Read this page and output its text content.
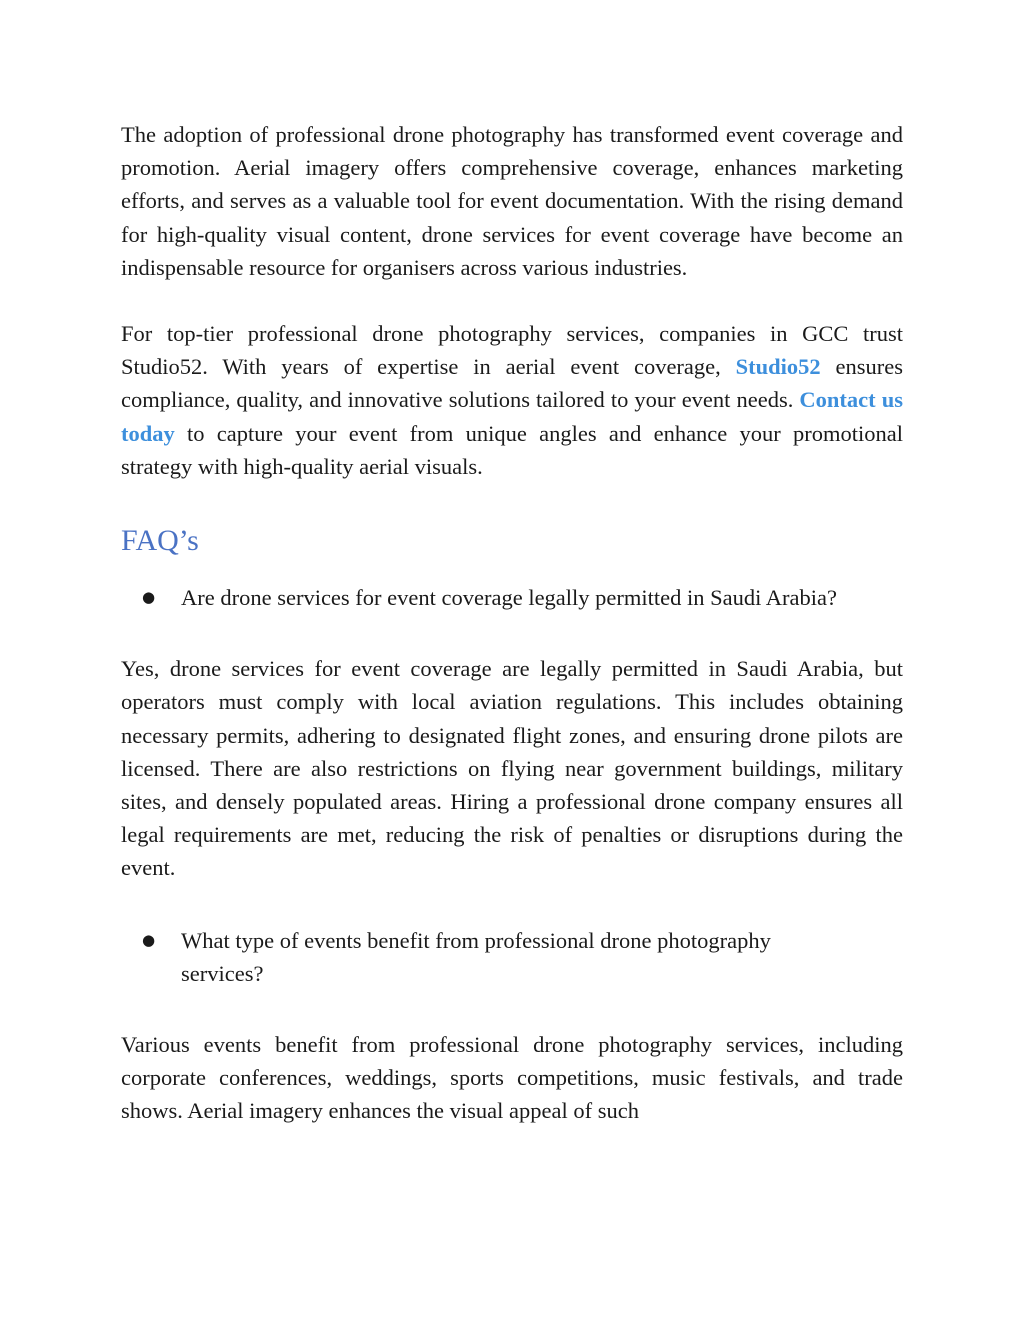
The adoption of professional drone photography has transformed event coverage and promotion. Aerial imagery offers comprehensive coverage, enhances marketing efforts, and serves as a valuable tool for event documentation. With the rising demand for high-quality visual content, drone services for event coverage have become an indispensable resource for organisers across various industries.

For top-tier professional drone photography services, companies in GCC trust Studio52. With years of expertise in aerial event coverage, Studio52 ensures compliance, quality, and innovative solutions tailored to your event needs. Contact us today to capture your event from unique angles and enhance your promotional strategy with high-quality aerial visuals.

FAQ’s
● Are drone services for event coverage legally permitted in Saudi Arabia?

Yes, drone services for event coverage are legally permitted in Saudi Arabia, but operators must comply with local aviation regulations. This includes obtaining necessary permits, adhering to designated flight zones, and ensuring drone pilots are licensed. There are also restrictions on flying near government buildings, military sites, and densely populated areas. Hiring a professional drone company ensures all legal requirements are met, reducing the risk of penalties or disruptions during the event.

● What type of events benefit from professional drone photography services?

Various events benefit from professional drone photography services, including corporate conferences, weddings, sports competitions, music festivals, and trade shows. Aerial imagery enhances the visual appeal of such
